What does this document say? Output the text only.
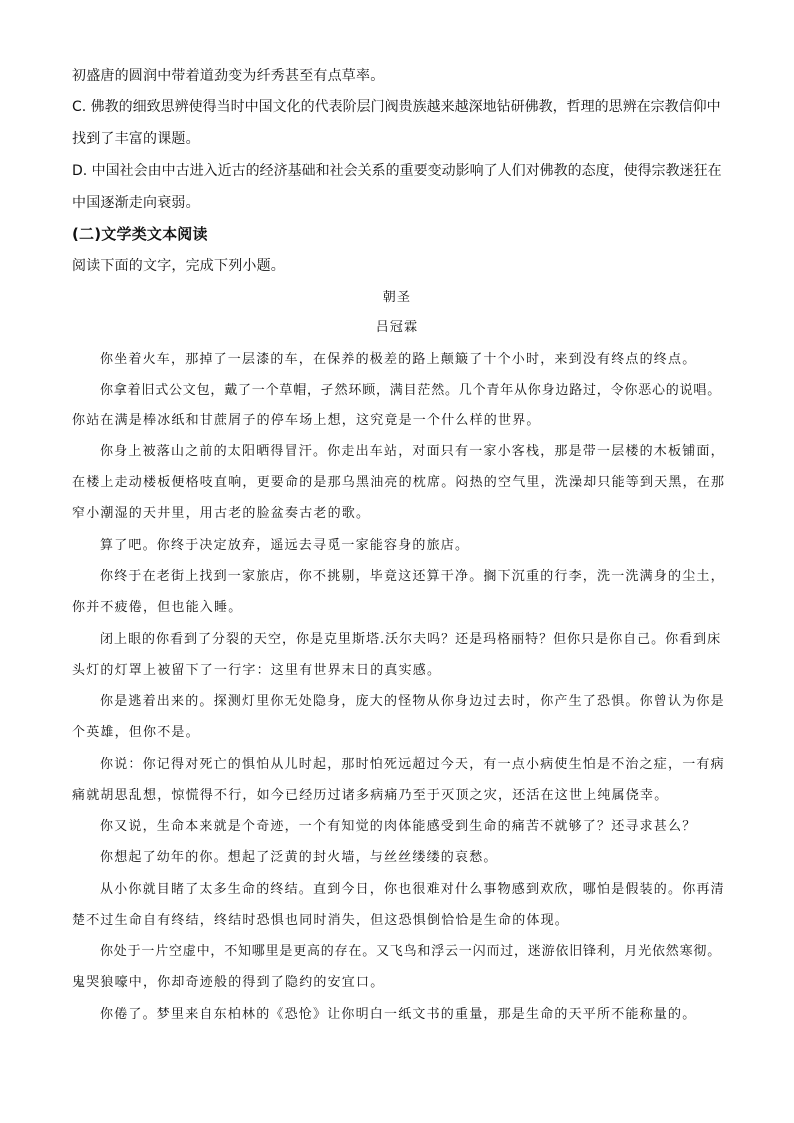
初盛唐的圆润中带着道劲变为纤秀甚至有点草率。
C. 佛教的细致思辨使得当时中国文化的代表阶层门阀贵族越来越深地钻研佛教，哲理的思辨在宗教信仰中
找到了丰富的课题。
D. 中国社会由中古进入近古的经济基础和社会关系的重要变动影响了人们对佛教的态度，使得宗教迷狂在
中国逐渐走向衰弱。
(二)文学类文本阅读
阅读下面的文字，完成下列小题。
朝圣
吕冠霖
你坐着火车，那掉了一层漆的车，在保养的极差的路上颠簸了十个小时，来到没有终点的终点。
你拿着旧式公文包，戴了一个草帽，孑然环顾，满目茫然。几个青年从你身边路过，令你恶心的说唱。
你站在满是棒冰纸和甘蔗屑子的停车场上想，这究竟是一个什么样的世界。
你身上被落山之前的太阳晒得冒汗。你走出车站，对面只有一家小客栈，那是带一层楼的木板铺面，
在楼上走动楼板便格吱直响，更要命的是那乌黑油亮的枕席。闷热的空气里，洗澡却只能等到天黑，在那
窄小潮湿的天井里，用古老的脸盆奏古老的歌。
算了吧。你终于决定放弃，遥远去寻觅一家能容身的旅店。
你终于在老街上找到一家旅店，你不挑剔，毕竟这还算干净。搁下沉重的行李，洗一洗满身的尘土，
你并不疲倦，但也能入睡。
闭上眼的你看到了分裂的天空，你是克里斯塔.沃尔夫吗？还是玛格丽特？但你只是你自己。你看到床
头灯的灯罩上被留下了一行字：这里有世界末日的真实感。
你是逃着出来的。探测灯里你无处隐身，庞大的怪物从你身边过去时，你产生了恐惧。你曾认为你是
个英雄，但你不是。
你说：你记得对死亡的惧怕从儿时起，那时怕死远超过今天，有一点小病使生怕是不治之症，一有病
痛就胡思乱想，惊慌得不行，如今已经历过诸多病痛乃至于灭顶之灾，还活在这世上纯属侥幸。
你又说，生命本来就是个奇迹，一个有知觉的肉体能感受到生命的痛苦不就够了？还寻求甚么？
你想起了幼年的你。想起了泛黄的封火墙，与丝丝缕缕的哀愁。
从小你就目睹了太多生命的终结。直到今日，你也很难对什么事物感到欢欣，哪怕是假装的。你再清
楚不过生命自有终结，终结时恐惧也同时消失，但这恐惧倒恰恰是生命的体现。
你处于一片空虚中，不知哪里是更高的存在。又飞鸟和浮云一闪而过，迷游依旧锋利，月光依然寒彻。
鬼哭狼嚎中，你却奇迹般的得到了隐约的安宜口。
你倦了。梦里来自东柏林的《恐怆》让你明白一纸文书的重量，那是生命的天平所不能称量的。
